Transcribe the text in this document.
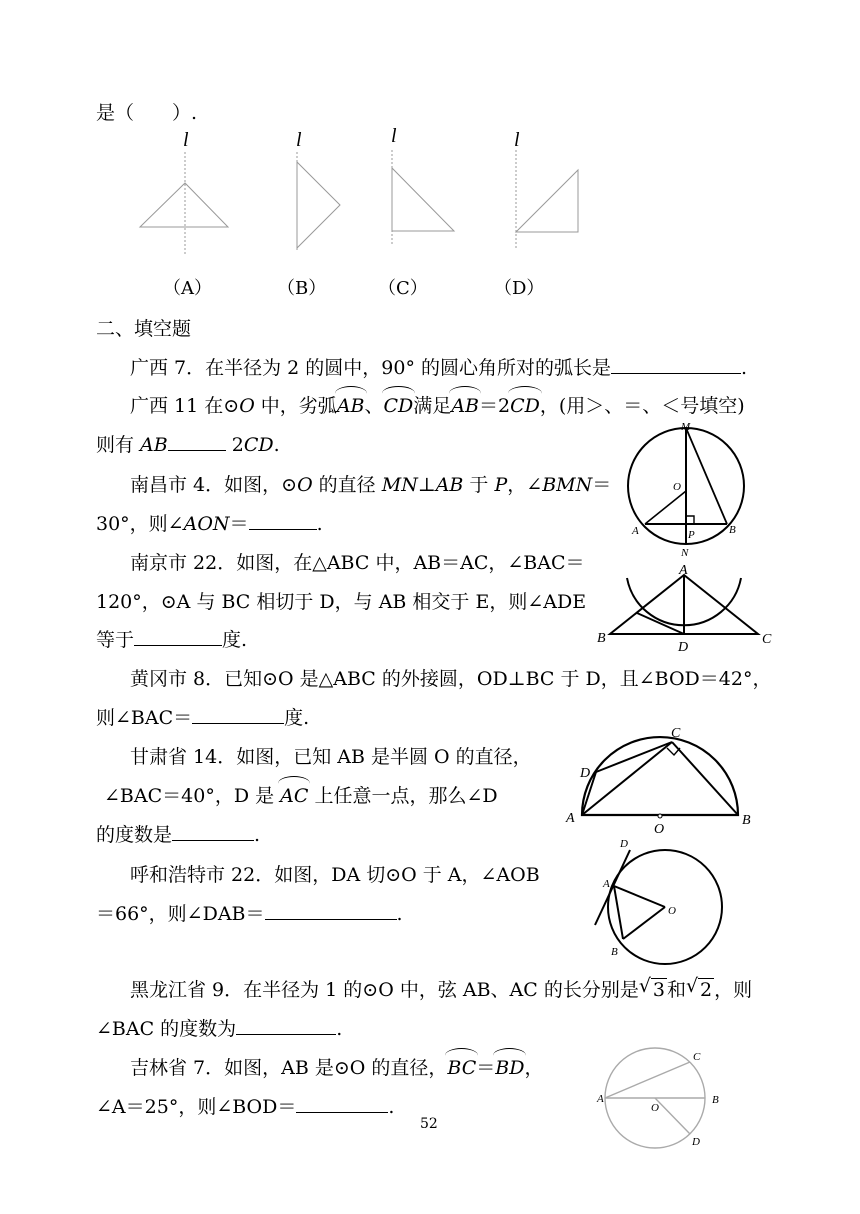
是（　　）.
l	l	l	l
（A）	（B）	（C）	（D）
二、填空题
广西 7．在半径为 2 的圆中，90° 的圆心角所对的弧长是	.
广西 11 在⊙O 中，劣弧AB、CD满足AB＝2CD，(用＞、＝、＜号填空)
则有 AB	2CD.
南昌市 4．如图，⊙O 的直径 MN⊥AB 于 P，∠BMN＝
30°，则∠AON＝	.
M
O
A	P	B
N
南京市 22．如图，在△ABC 中，AB＝AC，∠BAC＝
120°，⊙A 与 BC 相切于 D，与 AB 相交于 E，则∠ADE
等于	度.
A
B
D
C
黄冈市 8．已知⊙O 是△ABC 的外接圆，OD⊥BC 于 D，且∠BOD＝42°，
则∠BAC＝	度.
甘肃省 14．如图，已知 AB 是半圆 O 的直径，
∠BAC＝40°，D 是 AC 上任意一点，那么∠D
的度数是	.
C
D
A
O
B
呼和浩特市 22．如图，DA 切⊙O 于 A，∠AOB
＝66°，则∠DAB＝	.
D
A
O
B
黑龙江省 9．在半径为 1 的⊙O 中，弦 AB、AC 的长分别是 √ 3 和 √ 2 ，则
∠BAC 的度数为	.
吉林省 7．如图，AB 是⊙O 的直径，BC＝BD，
∠A＝25°，则∠BOD＝	.
C
A
O
B
D
52
